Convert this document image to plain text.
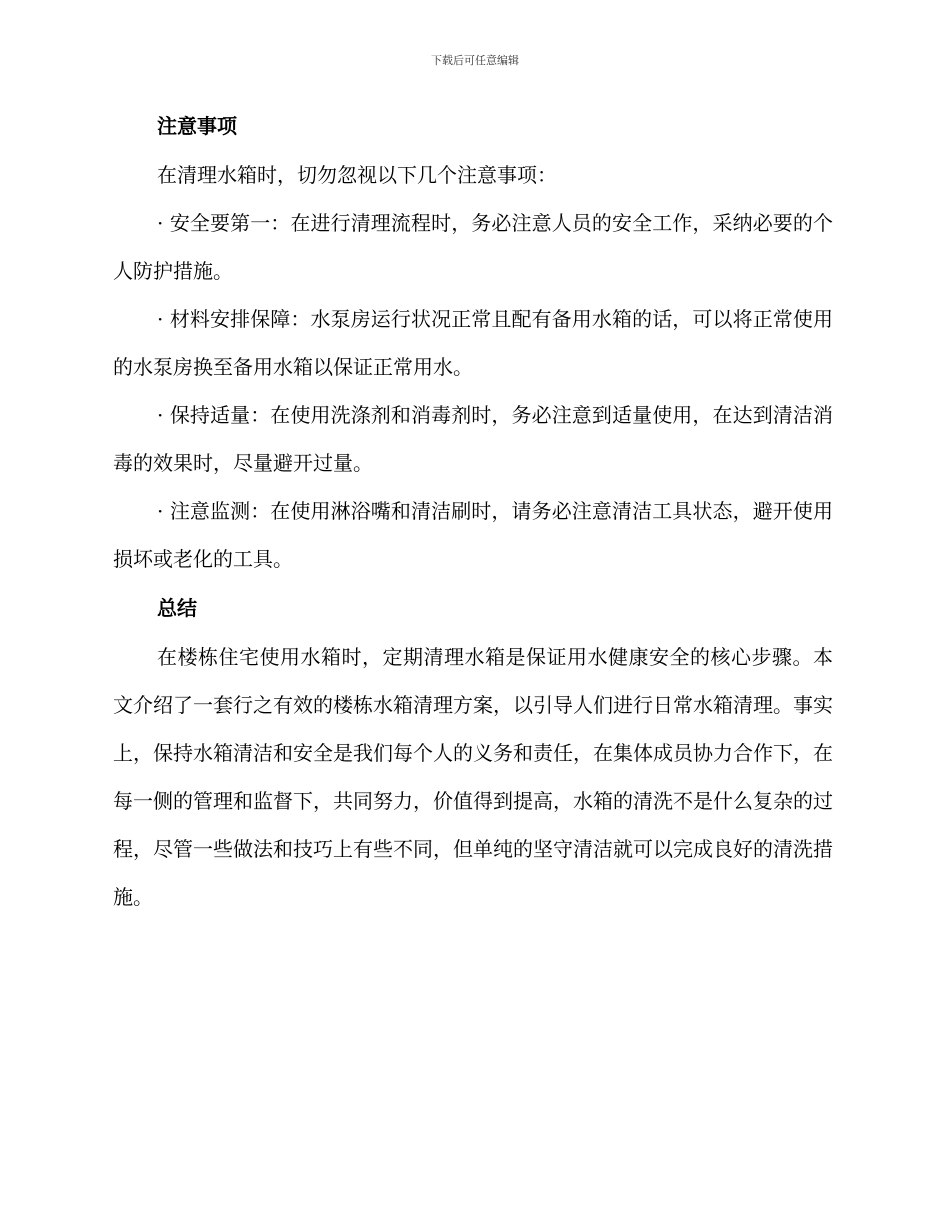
下载后可任意编辑
注意事项

在清理水箱时，切勿忽视以下几个注意事项：

· 安全要第一：在进行清理流程时，务必注意人员的安全工作，采纳必要的个人防护措施。

· 材料安排保障：水泵房运行状况正常且配有备用水箱的话，可以将正常使用的水泵房换至备用水箱以保证正常用水。

· 保持适量：在使用洗涤剂和消毒剂时，务必注意到适量使用，在达到清洁消毒的效果时，尽量避开过量。

· 注意监测：在使用淋浴嘴和清洁刷时，请务必注意清洁工具状态，避开使用损坏或老化的工具。

总结

在楼栋住宅使用水箱时，定期清理水箱是保证用水健康安全的核心步骤。本文介绍了一套行之有效的楼栋水箱清理方案，以引导人们进行日常水箱清理。事实上，保持水箱清洁和安全是我们每个人的义务和责任，在集体成员协力合作下，在每一侧的管理和监督下，共同努力，价值得到提高，水箱的清洗不是什么复杂的过程，尽管一些做法和技巧上有些不同，但单纯的坚守清洁就可以完成良好的清洗措施。
